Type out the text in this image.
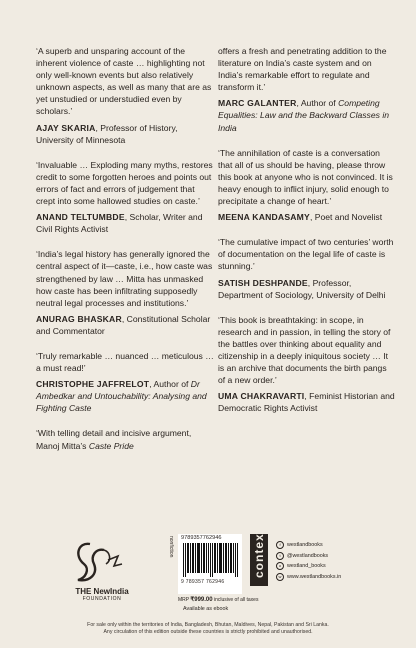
‘A superb and unsparing account of the inherent violence of caste … highlighting not only well-known events but also relatively unknown aspects, as well as many that are as yet unstudied or understudied even by scholars.’

AJAY SKARIA, Professor of History, University of Minnesota

‘Invaluable … Exploding many myths, restores credit to some forgotten heroes and points out errors of fact and errors of judgement that crept into some hallowed studies on caste.’

ANAND TELTUMBDE, Scholar, Writer and Civil Rights Activist

‘India’s legal history has generally ignored the central aspect of it—caste, i.e., how caste was strengthened by law … Mitta has unmasked how caste has been infiltrating supposedly neutral legal processes and institutions.’

ANURAG BHASKAR, Constitutional Scholar and Commentator

‘Truly remarkable … nuanced … meticulous … a must read!’

CHRISTOPHE JAFFRELOT, Author of Dr Ambedkar and Untouchability: Analysing and Fighting Caste

‘With telling detail and incisive argument, Manoj Mitta’s Caste Pride

offers a fresh and penetrating addition to the literature on India’s caste system and on India’s remarkable effort to regulate and transform it.’

MARC GALANTER, Author of Competing Equalities: Law and the Backward Classes in India

‘The annihilation of caste is a conversation that all of us should be having, please throw this book at anyone who is not convinced. It is heavy enough to inflict injury, solid enough to precipitate a change of heart.’

MEENA KANDASAMY, Poet and Novelist

‘The cumulative impact of two centuries’ worth of documentation on the legal life of caste is stunning.’

SATISH DESHPANDE, Professor, Department of Sociology, University of Delhi

‘This book is breathtaking: in scope, in research and in passion, in telling the story of the battles over thinking about equality and citizenship in a deeply iniquitous society … It is an archive that documents the birth pangs of a new order.’

UMA CHAKRAVARTI, Feminist Historian and Democratic Rights Activist

THE NewIndia
FOUNDATION
nonfiction 9789357762946
9 789357 762946
MRP ₹999.00 inclusive of all taxes
Available as ebook
context	f	westlandbooks
t	@westlandbooks
o	westland_books
w	www.westlandbooks.in
For sale only within the territories of India, Bangladesh, Bhutan, Maldives, Nepal, Pakistan and Sri Lanka.
Any circulation of this edition outside these countries is strictly prohibited and unauthorised.
